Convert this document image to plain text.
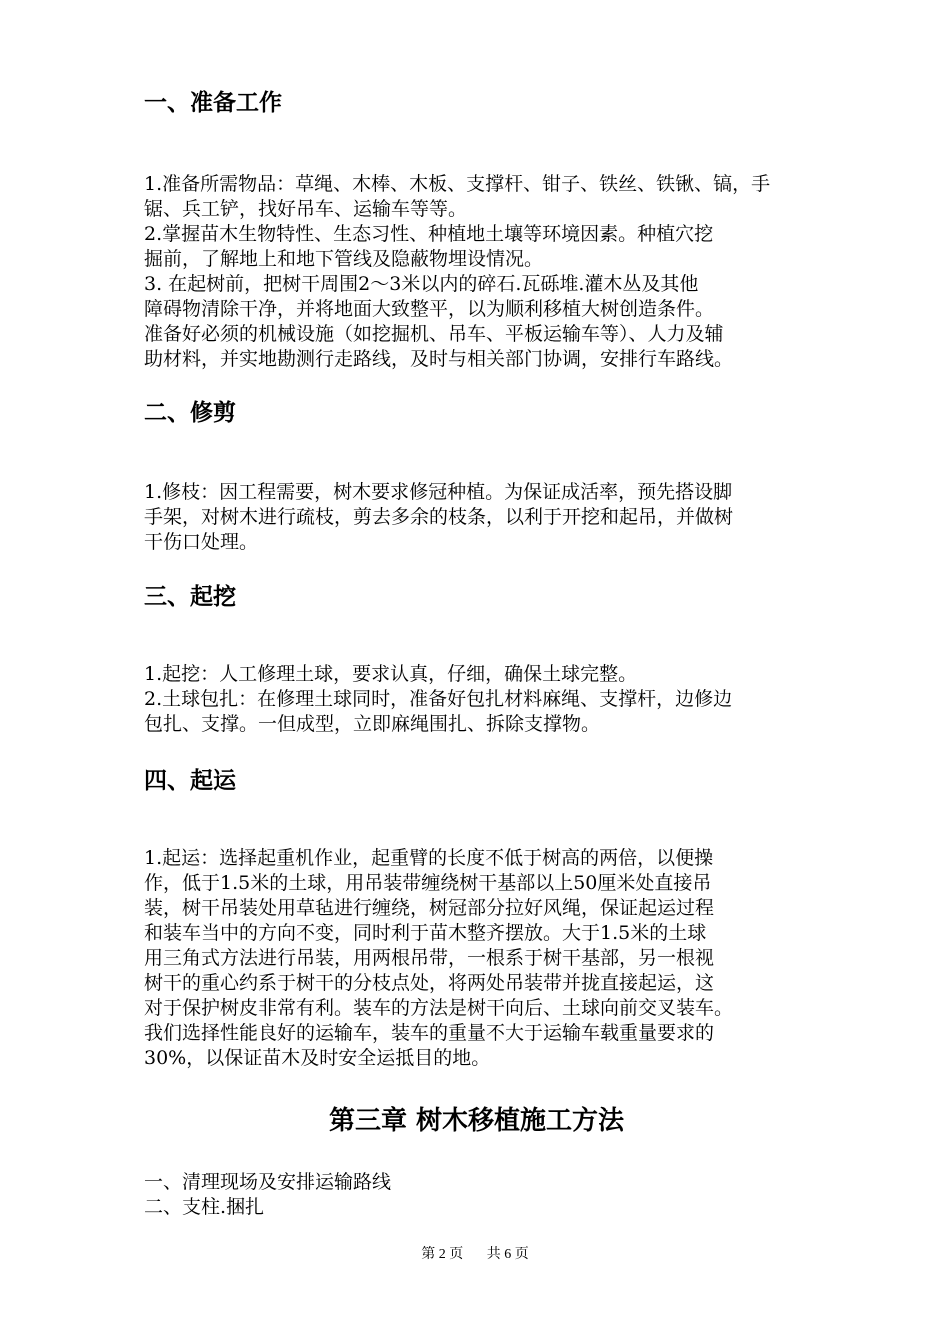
一、准备工作
1.准备所需物品：草绳、木棒、木板、支撑杆、钳子、铁丝、铁锹、镐，手
锯、兵工铲，找好吊车、运输车等等。
2.掌握苗木生物特性、生态习性、种植地土壤等环境因素。种植穴挖
掘前，了解地上和地下管线及隐蔽物埋设情况。
3. 在起树前，把树干周围2～3米以内的碎石.瓦砾堆.灌木丛及其他
障碍物清除干净，并将地面大致整平，以为顺利移植大树创造条件。
准备好必须的机械设施（如挖掘机、吊车、平板运输车等）、人力及辅
助材料，并实地勘测行走路线，及时与相关部门协调，安排行车路线。
二、修剪
1.修枝：因工程需要，树木要求修冠种植。为保证成活率，预先搭设脚
手架，对树木进行疏枝，剪去多余的枝条，以利于开挖和起吊，并做树
干伤口处理。
三、起挖
1.起挖：人工修理土球，要求认真，仔细，确保土球完整。
2.土球包扎：在修理土球同时，准备好包扎材料麻绳、支撑杆，边修边
包扎、支撑。一但成型，立即麻绳围扎、拆除支撑物。
四、起运
1.起运：选择起重机作业，起重臂的长度不低于树高的两倍，以便操
作，低于1.5米的土球，用吊装带缠绕树干基部以上50厘米处直接吊
装，树干吊装处用草毡进行缠绕，树冠部分拉好风绳，保证起运过程
和装车当中的方向不变，同时利于苗木整齐摆放。大于1.5米的土球
用三角式方法进行吊装，用两根吊带，一根系于树干基部，另一根视
树干的重心约系于树干的分枝点处，将两处吊装带并拢直接起运，这
对于保护树皮非常有利。装车的方法是树干向后、土球向前交叉装车。
我们选择性能良好的运输车，装车的重量不大于运输车载重量要求的
30%，以保证苗木及时安全运抵目的地。
第三章 树木移植施工方法
一、清理现场及安排运输路线
二、支柱.捆扎
第 2 页 共 6 页
